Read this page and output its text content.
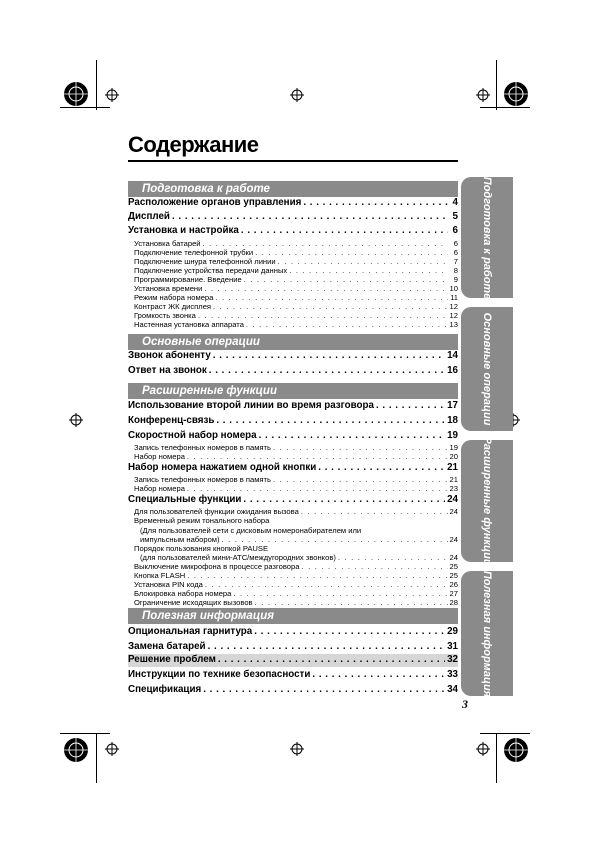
Содержание
Подготовка к работе
Расположение органов управления . . .	4
Дисплей . . .	5
Установка и настройка . . .	6
Установка батарей . . .	6
Подключение телефонной трубки . . .	6
Подключение шнура телефонной линии . . .	7
Подключение устройства передачи данных . . .	8
Программирование. Введение . . .	9
Установка времени . . .	10
Режим набора номера . . .	11
Контраст ЖК дисплея . . .	12
Громкость звонка . . .	12
Настенная установка аппарата . . .	13
Основные операции
Звонок абоненту . . .	14
Ответ на звонок . . .	16
Расширенные функции
Использование второй линии во время разговора . . .	17
Конференц-связь . . .	18
Скоростной набор номера . . .	19
Запись телефонных номеров в память . . .	19
Набор номера . . .	20
Набор номера нажатием одной кнопки . . .	21
Запись телефонных номеров в память . . .	21
Набор номера . . .	23
Специальные функции . . .	24
Для пользователей функции ожидания вызова . . .	24
Временный режим тонального набора
(Для пользователей сети с дисковым номеронабирателем или
импульсным набором) . . .	24
Порядок пользования кнопкой PAUSE
(для пользователей мини-АТС/междугородних звонков) . . .	24
Выключение микрофона в процессе разговора . . .	25
Кнопка FLASH . . .	25
Установка PIN кода . . .	26
Блокировка набора номера . . .	27
Ограничение исходящих вызовов . . .	28
Полезная информация
Опциональная гарнитура . . .	29
Замена батарей . . .	31
Решение проблем . . .	32
Инструкции по технике безопасности . . .	33
Спецификация . . .	34
Подготовка к работе
Основные операции
Расширенные функции
Полезная информация
3
